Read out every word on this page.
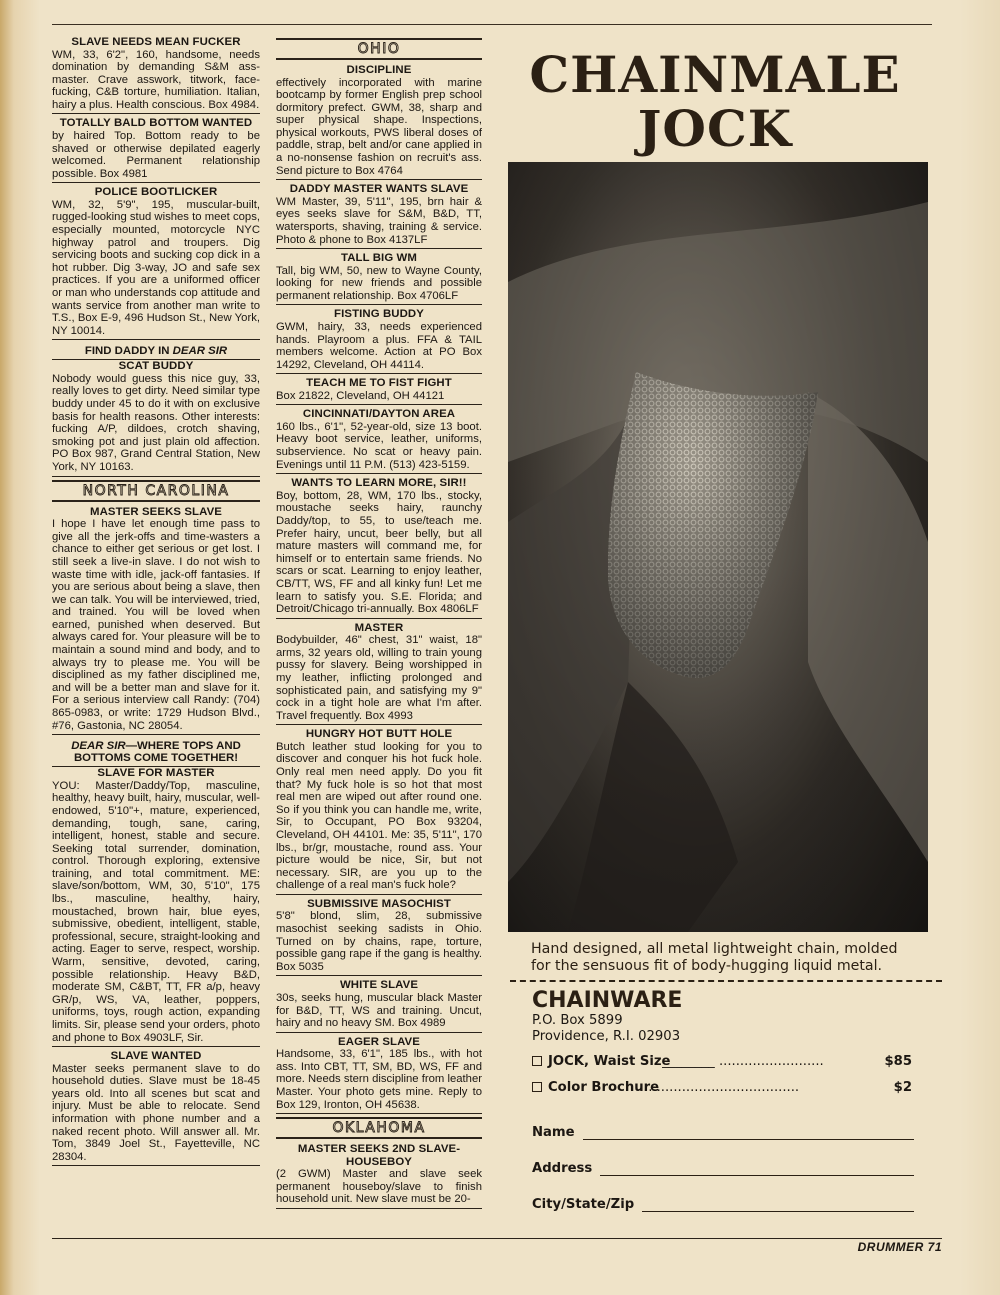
SLAVE NEEDS MEAN FUCKER

WM, 33, 6'2", 160, handsome, needs domination by demanding S&M ass-master. Crave asswork, titwork, face-fucking, C&B torture, humiliation. Italian, hairy a plus. Health conscious. Box 4984.

TOTALLY BALD BOTTOM WANTED

by haired Top. Bottom ready to be shaved or otherwise depilated eagerly welcomed. Permanent relationship possible. Box 4981

POLICE BOOTLICKER

WM, 32, 5'9", 195, muscular-built, rugged-looking stud wishes to meet cops, especially mounted, motorcycle NYC highway patrol and troupers. Dig servicing boots and sucking cop dick in a hot rubber. Dig 3-way, JO and safe sex practices. If you are a uniformed officer or man who understands cop attitude and wants service from another man write to T.S., Box E-9, 496 Hudson St., New York, NY 10014.

FIND DADDY IN DEAR SIR
SCAT BUDDY

Nobody would guess this nice guy, 33, really loves to get dirty. Need similar type buddy under 45 to do it with on exclusive basis for health reasons. Other interests: fucking A/P, dildoes, crotch shaving, smoking pot and just plain old affection. PO Box 987, Grand Central Station, New York, NY 10163.

NORTH CAROLINA
MASTER SEEKS SLAVE

I hope I have let enough time pass to give all the jerk-offs and time-wasters a chance to either get serious or get lost. I still seek a live-in slave. I do not wish to waste time with idle, jack-off fantasies. If you are serious about being a slave, then we can talk. You will be interviewed, tried, and trained. You will be loved when earned, punished when deserved. But always cared for. Your pleasure will be to maintain a sound mind and body, and to always try to please me. You will be disciplined as my father disciplined me, and will be a better man and slave for it. For a serious interview call Randy: (704) 865-0983, or write: 1729 Hudson Blvd., #76, Gastonia, NC 28054.

DEAR SIR—WHERE TOPS AND BOTTOMS COME TOGETHER!
SLAVE FOR MASTER

YOU: Master/Daddy/Top, masculine, healthy, heavy built, hairy, muscular, well-endowed, 5'10"+, mature, experienced, demanding, tough, sane, caring, intelligent, honest, stable and secure. Seeking total surrender, domination, control. Thorough exploring, extensive training, and total commitment. ME: slave/son/bottom, WM, 30, 5'10", 175 lbs., masculine, healthy, hairy, moustached, brown hair, blue eyes, submissive, obedient, intelligent, stable, professional, secure, straight-looking and acting. Eager to serve, respect, worship. Warm, sensitive, devoted, caring, possible relationship. Heavy B&D, moderate SM, C&BT, TT, FR a/p, heavy GR/p, WS, VA, leather, poppers, uniforms, toys, rough action, expanding limits. Sir, please send your orders, photo and phone to Box 4903LF, Sir.

SLAVE WANTED

Master seeks permanent slave to do household duties. Slave must be 18-45 years old. Into all scenes but scat and injury. Must be able to relocate. Send information with phone number and a naked recent photo. Will answer all. Mr. Tom, 3849 Joel St., Fayetteville, NC 28304.

OHIO
DISCIPLINE

effectively incorporated with marine bootcamp by former English prep school dormitory prefect. GWM, 38, sharp and super physical shape. Inspections, physical workouts, PWS liberal doses of paddle, strap, belt and/or cane applied in a no-nonsense fashion on recruit's ass. Send picture to Box 4764

DADDY MASTER WANTS SLAVE

WM Master, 39, 5'11", 195, brn hair & eyes seeks slave for S&M, B&D, TT, watersports, shaving, training & service. Photo & phone to Box 4137LF

TALL BIG WM

Tall, big WM, 50, new to Wayne County, looking for new friends and possible permanent relationship. Box 4706LF

FISTING BUDDY

GWM, hairy, 33, needs experienced hands. Playroom a plus. FFA & TAIL members welcome. Action at PO Box 14292, Cleveland, OH 44114.

TEACH ME TO FIST FIGHT

Box 21822, Cleveland, OH 44121

CINCINNATI/DAYTON AREA

160 lbs., 6'1", 52-year-old, size 13 boot. Heavy boot service, leather, uniforms, subservience. No scat or heavy pain. Evenings until 11 P.M. (513) 423-5159.

WANTS TO LEARN MORE, SIR!!

Boy, bottom, 28, WM, 170 lbs., stocky, moustache seeks hairy, raunchy Daddy/top, to 55, to use/teach me. Prefer hairy, uncut, beer belly, but all mature masters will command me, for himself or to entertain same friends. No scars or scat. Learning to enjoy leather, CB/TT, WS, FF and all kinky fun! Let me learn to satisfy you. S.E. Florida; and Detroit/Chicago tri-annually. Box 4806LF

MASTER

Bodybuilder, 46" chest, 31" waist, 18" arms, 32 years old, willing to train young pussy for slavery. Being worshipped in my leather, inflicting prolonged and sophisticated pain, and satisfying my 9" cock in a tight hole are what I'm after. Travel frequently. Box 4993

HUNGRY HOT BUTT HOLE

Butch leather stud looking for you to discover and conquer his hot fuck hole. Only real men need apply. Do you fit that? My fuck hole is so hot that most real men are wiped out after round one. So if you think you can handle me, write, Sir, to Occupant, PO Box 93204, Cleveland, OH 44101. Me: 35, 5'11", 170 lbs., br/gr, moustache, round ass. Your picture would be nice, Sir, but not necessary. SIR, are you up to the challenge of a real man's fuck hole?

SUBMISSIVE MASOCHIST

5'8" blond, slim, 28, submissive masochist seeking sadists in Ohio. Turned on by chains, rape, torture, possible gang rape if the gang is healthy. Box 5035

WHITE SLAVE

30s, seeks hung, muscular black Master for B&D, TT, WS and training. Uncut, hairy and no heavy SM. Box 4989

EAGER SLAVE

Handsome, 33, 6'1", 185 lbs., with hot ass. Into CBT, TT, SM, BD, WS, FF and more. Needs stern discipline from leather Master. Your photo gets mine. Reply to Box 129, Ironton, OH 45638.

OKLAHOMA
MASTER SEEKS 2ND SLAVE-HOUSEBOY

(2 GWM) Master and slave seek permanent houseboy/slave to finish household unit. New slave must be 20-

CHAINMALE
JOCK
Hand designed, all metal lightweight chain, molded for the sensuous fit of body-hugging liquid metal.
CHAINWARE
P.O. Box 5899
Providence, R.I. 02903
JOCK, Waist Size
________ .........................	$85
Color Brochure
.....................................	$2
Name
Address
City/State/Zip
DRUMMER 71
